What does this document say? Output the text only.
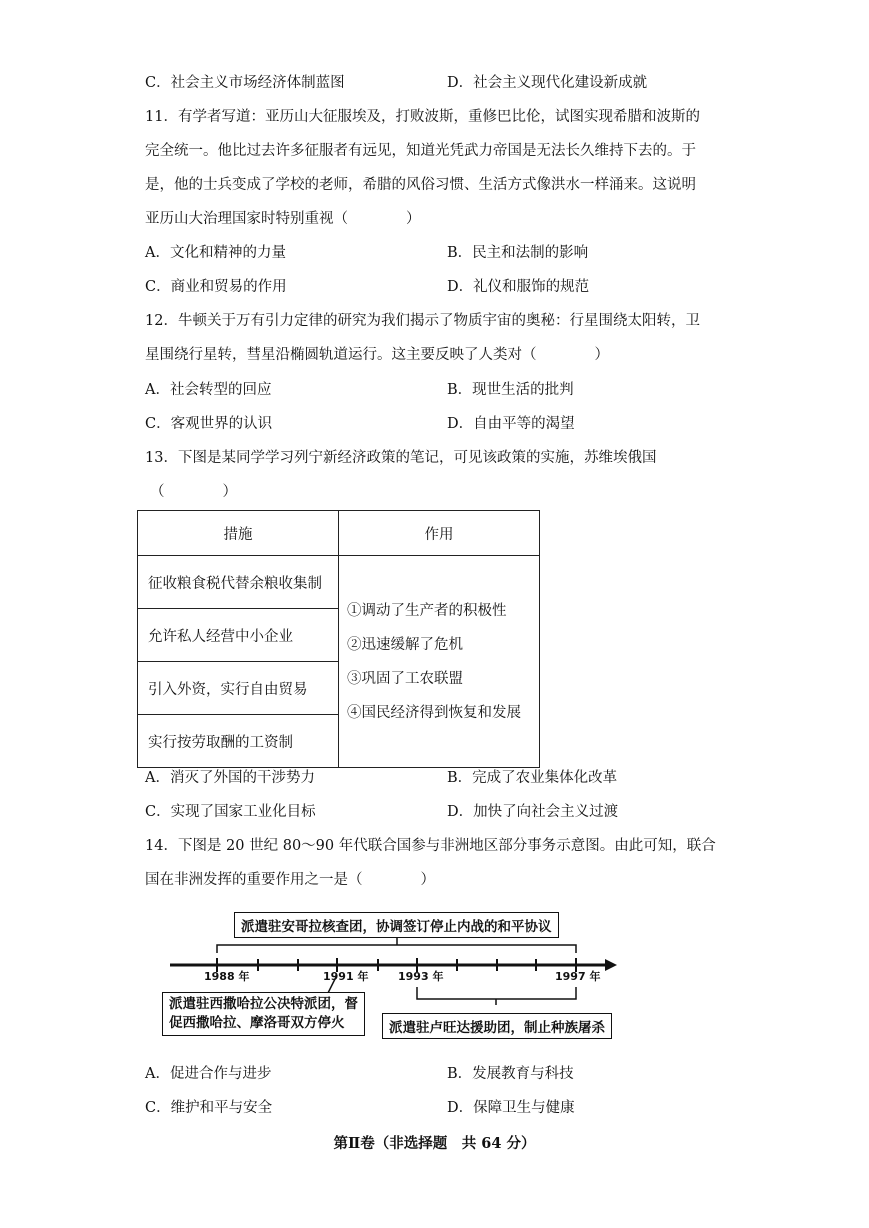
C．社会主义市场经济体制蓝图	D．社会主义现代化建设新成就
11．有学者写道：亚历山大征服埃及，打败波斯，重修巴比伦，试图实现希腊和波斯的
完全统一。他比过去许多征服者有远见，知道光凭武力帝国是无法长久维持下去的。于
是，他的士兵变成了学校的老师，希腊的风俗习惯、生活方式像洪水一样涌来。这说明
亚历山大治理国家时特别重视（　　　　）
A．文化和精神的力量	B．民主和法制的影响
C．商业和贸易的作用	D．礼仪和服饰的规范
12．牛顿关于万有引力定律的研究为我们揭示了物质宇宙的奥秘：行星围绕太阳转，卫
星围绕行星转，彗星沿椭圆轨道运行。这主要反映了人类对（　　　　）
A．社会转型的回应	B．现世生活的批判
C．客观世界的认识	D．自由平等的渴望
13．下图是某同学学习列宁新经济政策的笔记，可见该政策的实施，苏维埃俄国
（　　　　）
措施	作用
征收粮食税代替余粮收集制	①调动了生产者的积极性
②迅速缓解了危机
③巩固了工农联盟
④国民经济得到恢复和发展

允许私人经营中小企业	
引入外资，实行自由贸易	
实行按劳取酬的工资制	
A．消灭了外国的干涉势力	B．完成了农业集体化改革
C．实现了国家工业化目标	D．加快了向社会主义过渡
14．下图是 20 世纪 80～90 年代联合国参与非洲地区部分事务示意图。由此可知，联合
国在非洲发挥的重要作用之一是（　　　　）
1988 年	1991 年	1993 年	1997 年
派遣驻安哥拉核查团，协调签订停止内战的和平协议
派遣驻西撒哈拉公决特派团，督
促西撒哈拉、摩洛哥双方停火	派遣驻卢旺达援助团，制止种族屠杀
A．促进合作与进步	B．发展教育与科技
C．维护和平与安全	D．保障卫生与健康
第Ⅱ卷（非选择题　共 64 分）
